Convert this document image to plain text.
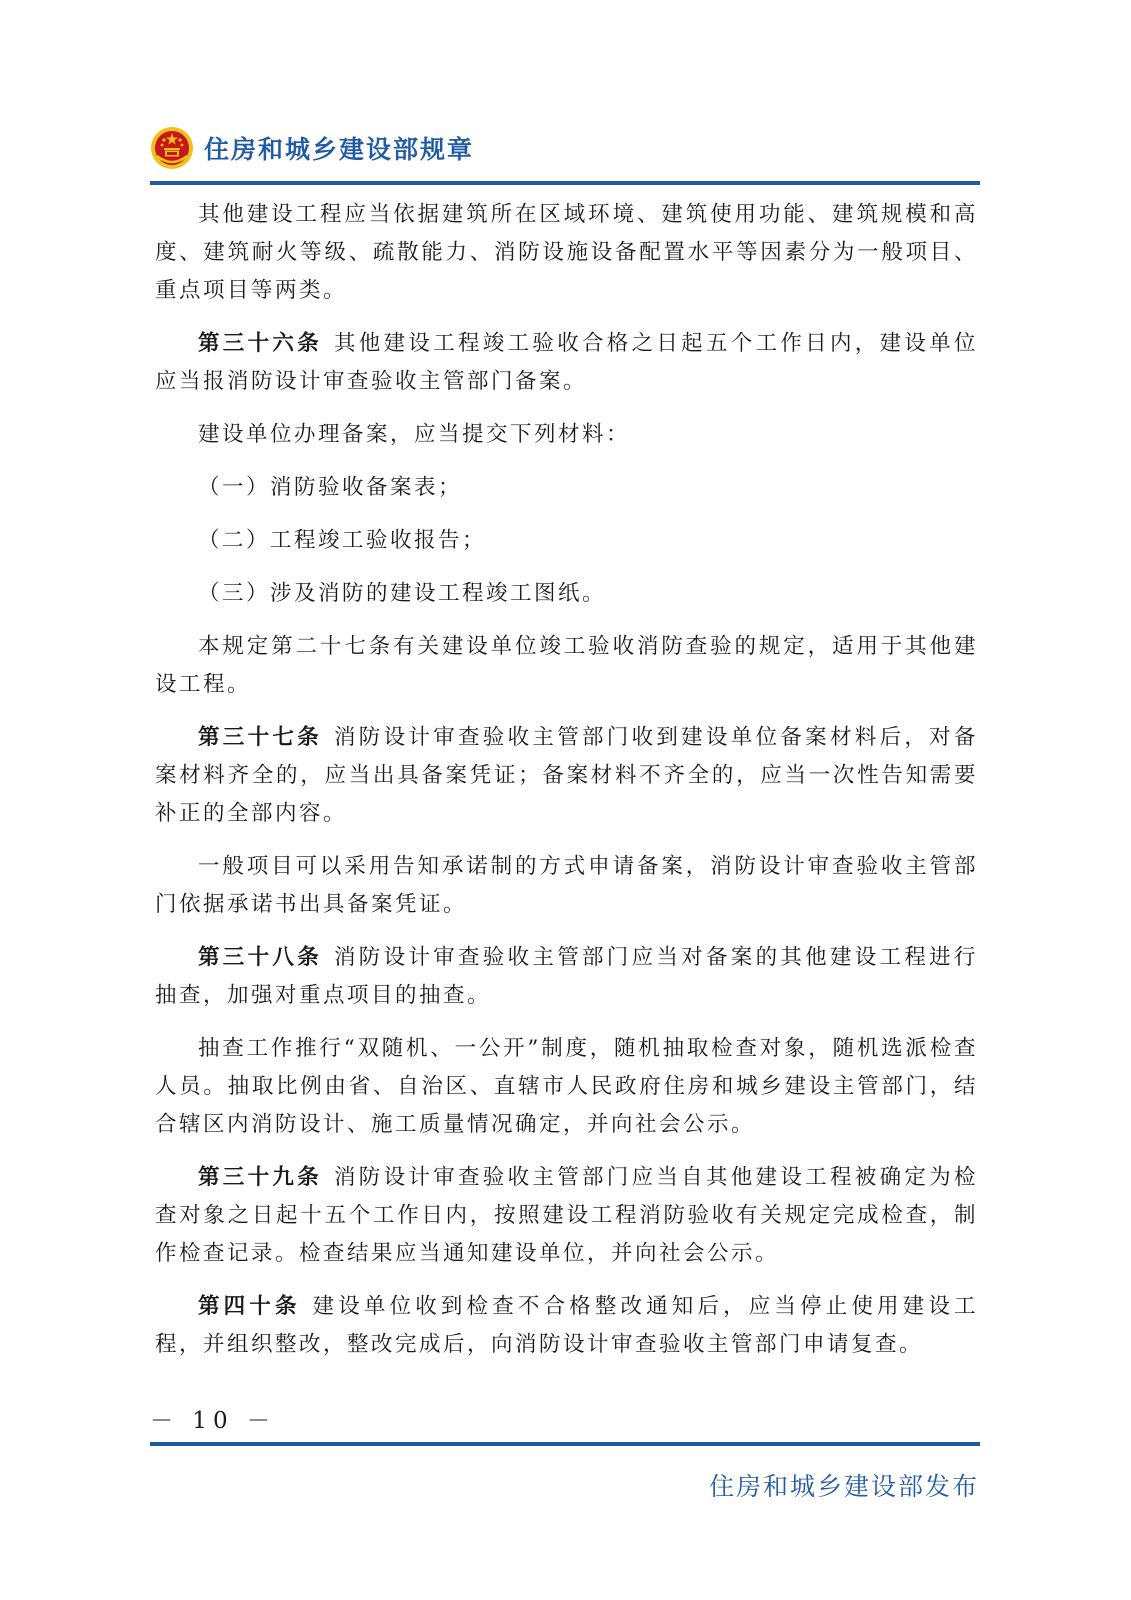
住房和城乡建设部规章

其他建设工程应当依据建筑所在区域环境、建筑使用功能、建筑规模和高度、建筑耐火等级、疏散能力、消防设施设备配置水平等因素分为一般项目、重点项目等两类。

第三十六条 其他建设工程竣工验收合格之日起五个工作日内，建设单位应当报消防设计审查验收主管部门备案。

建设单位办理备案，应当提交下列材料：

（一）消防验收备案表；

（二）工程竣工验收报告；

（三）涉及消防的建设工程竣工图纸。

本规定第二十七条有关建设单位竣工验收消防查验的规定，适用于其他建设工程。

第三十七条 消防设计审查验收主管部门收到建设单位备案材料后，对备案材料齐全的，应当出具备案凭证；备案材料不齐全的，应当一次性告知需要补正的全部内容。

一般项目可以采用告知承诺制的方式申请备案，消防设计审查验收主管部门依据承诺书出具备案凭证。

第三十八条 消防设计审查验收主管部门应当对备案的其他建设工程进行抽查，加强对重点项目的抽查。

抽查工作推行“双随机、一公开”制度，随机抽取检查对象，随机选派检查人员。抽取比例由省、自治区、直辖市人民政府住房和城乡建设主管部门，结合辖区内消防设计、施工质量情况确定，并向社会公示。

第三十九条 消防设计审查验收主管部门应当自其他建设工程被确定为检查对象之日起十五个工作日内，按照建设工程消防验收有关规定完成检查，制作检查记录。检查结果应当通知建设单位，并向社会公示。

第四十条 建设单位收到检查不合格整改通知后，应当停止使用建设工程，并组织整改，整改完成后，向消防设计审查验收主管部门申请复查。

－ 10 －
住房和城乡建设部发布
